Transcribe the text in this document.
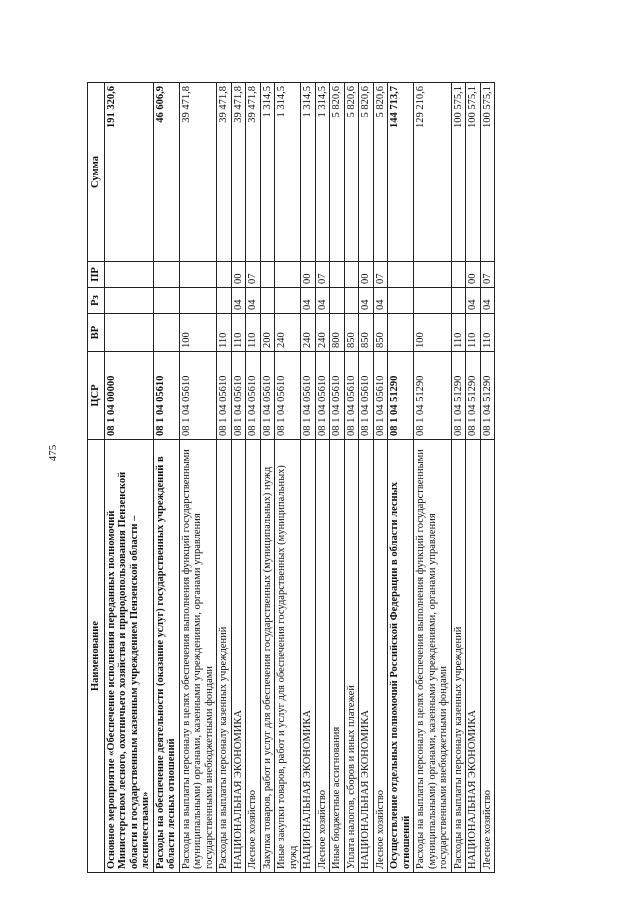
475
Наименование	ЦСР	ВР	Рз	ПР	Сумма
Основное мероприятие «Обеспечение исполнения переданных полномочий Министерством лесного, охотничьего хозяйства и природопользования Пензенской области и государственным казенным учреждением Пензенской области – лесничествами»	08 1 04 00000				191 320,6
Расходы на обеспечение деятельности (оказание услуг) государственных учреждений в области лесных отношений	08 1 04 05610				46 606,9
Расходы на выплаты персоналу в целях обеспечения выполнения функций государственными (муниципальными) органами, казенными учреждениями, органами управления государственными внебюджетными фондами	08 1 04 05610	100			39 471,8
Расходы на выплаты персоналу казенных учреждений	08 1 04 05610	110			39 471,8
НАЦИОНАЛЬНАЯ ЭКОНОМИКА	08 1 04 05610	110	04	00	39 471,8
Лесное хозяйство	08 1 04 05610	110	04	07	39 471,8
Закупка товаров, работ и услуг для обеспечения государственных (муниципальных) нужд	08 1 04 05610	200			1 314,5
Иные закупки товаров, работ и услуг для обеспечения государственных (муниципальных) нужд	08 1 04 05610	240			1 314,5
НАЦИОНАЛЬНАЯ ЭКОНОМИКА	08 1 04 05610	240	04	00	1 314,5
Лесное хозяйство	08 1 04 05610	240	04	07	1 314,5
Иные бюджетные ассигнования	08 1 04 05610	800			5 820,6
Уплата налогов, сборов и иных платежей	08 1 04 05610	850			5 820,6
НАЦИОНАЛЬНАЯ ЭКОНОМИКА	08 1 04 05610	850	04	00	5 820,6
Лесное хозяйство	08 1 04 05610	850	04	07	5 820,6
Осуществление отдельных полномочий Российской Федерации в области лесных отношений	08 1 04 51290				144 713,7
Расходы на выплаты персоналу в целях обеспечения выполнения функций государственными (муниципальными) органами, казенными учреждениями, органами управления государственными внебюджетными фондами	08 1 04 51290	100			129 210,6
Расходы на выплаты персоналу казенных учреждений	08 1 04 51290	110			100 575,1
НАЦИОНАЛЬНАЯ ЭКОНОМИКА	08 1 04 51290	110	04	00	100 575,1
Лесное хозяйство	08 1 04 51290	110	04	07	100 575,1
